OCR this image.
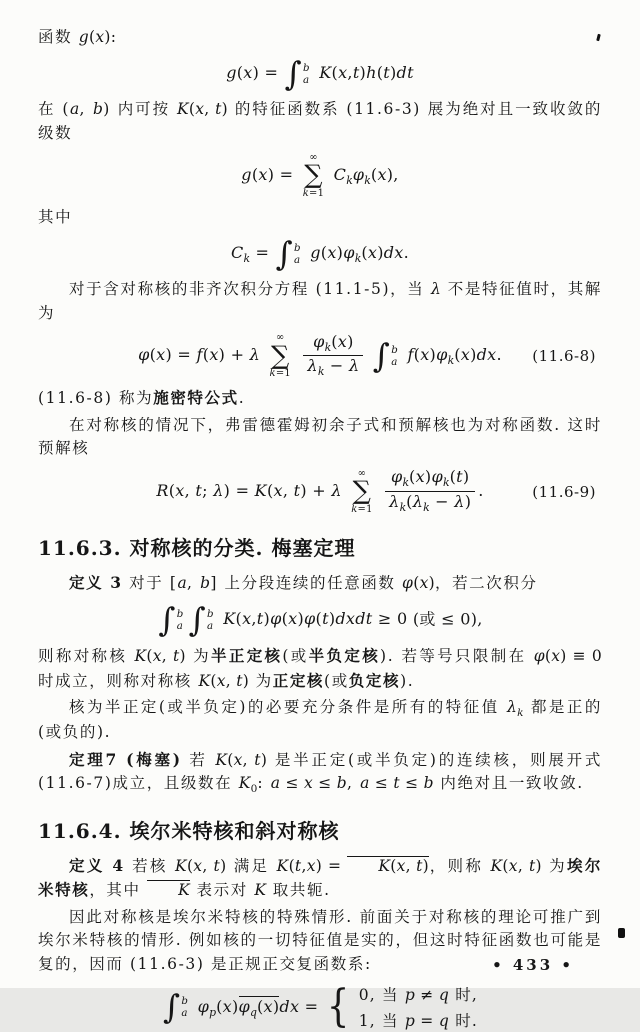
函数 g(x):

g(x) = ∫ b
a K(x,t)h(t)dt

在 (a, b) 内可按 K(x, t) 的特征函数系 (11.6-3) 展为绝对且一致收敛的级数

g(x) =
∞
∑
k=1
$C_k\varphi_k(x)$,

其中

$C_k$ = ∫ b
a $g(x)\varphi_k(x)dx$.

对于含对称核的非齐次积分方程 (11.1-5)，当 λ 不是特征值时，其解为

φ(x) = f(x) + λ
∞
∑
k=1
$\frac{\varphi_k(x)}{\lambda_k - \lambda}$
∫ b
a $f(x)\varphi_k(x)dx$. (11.6-8)

(11.6-8) 称为施密特公式.

在对称核的情况下，弗雷德霍姆初余子式和预解核也为对称函数. 这时预解核

R(x, t; λ) = K(x, t) + λ
∞
∑
k=1
$\frac{\varphi_k(x)\varphi_k(t)}{\lambda_k(\lambda_k - \lambda)}$ .	(11.6-9)
11.6.3. 对称核的分类. 梅塞定理

定义 3 对于 [a, b] 上分段连续的任意函数 φ(x)，若二次积分

∫ b
a ∫ b
a K(x,t)φ(x)φ(t)dxdt ≥ 0 (或 ≤ 0),

则称对称核 K(x, t) 为半正定核(或半负定核). 若等号只限制在 φ(x) ≡ 0 时成立，则称对称核 K(x, t) 为正定核(或负定核).

核为半正定(或半负定)的必要充分条件是所有的特征值 $\lambda_k$ 都是正的 (或负的).

定理7 (梅塞) 若 K(x, t) 是半正定(或半负定)的连续核，则展开式(11.6-7)成立，且级数在 $K_0$: a ≤ x ≤ b, a ≤ t ≤ b 内绝对且一致收敛.

11.6.4. 埃尔米特核和斜对称核

定义 4 若核 K(x, t) 满足 K(t,x) = K(x, t)，则称 K(x, t) 为埃尔米特核，其中 K 表示对 K 取共轭.

因此对称核是埃尔米特核的特殊情形. 前面关于对称核的理论可推广到埃尔米特核的情形. 例如核的一切特征值是实的，但这时特征函数也可能是复的，因而 (11.6-3) 是正规正交复函数系:

∫ b
a $\varphi_p(x)\varphi_q(x)dx$ = { 0, 当 p ≠ q 时,
1, 当 p = q 时.
• 433 •
